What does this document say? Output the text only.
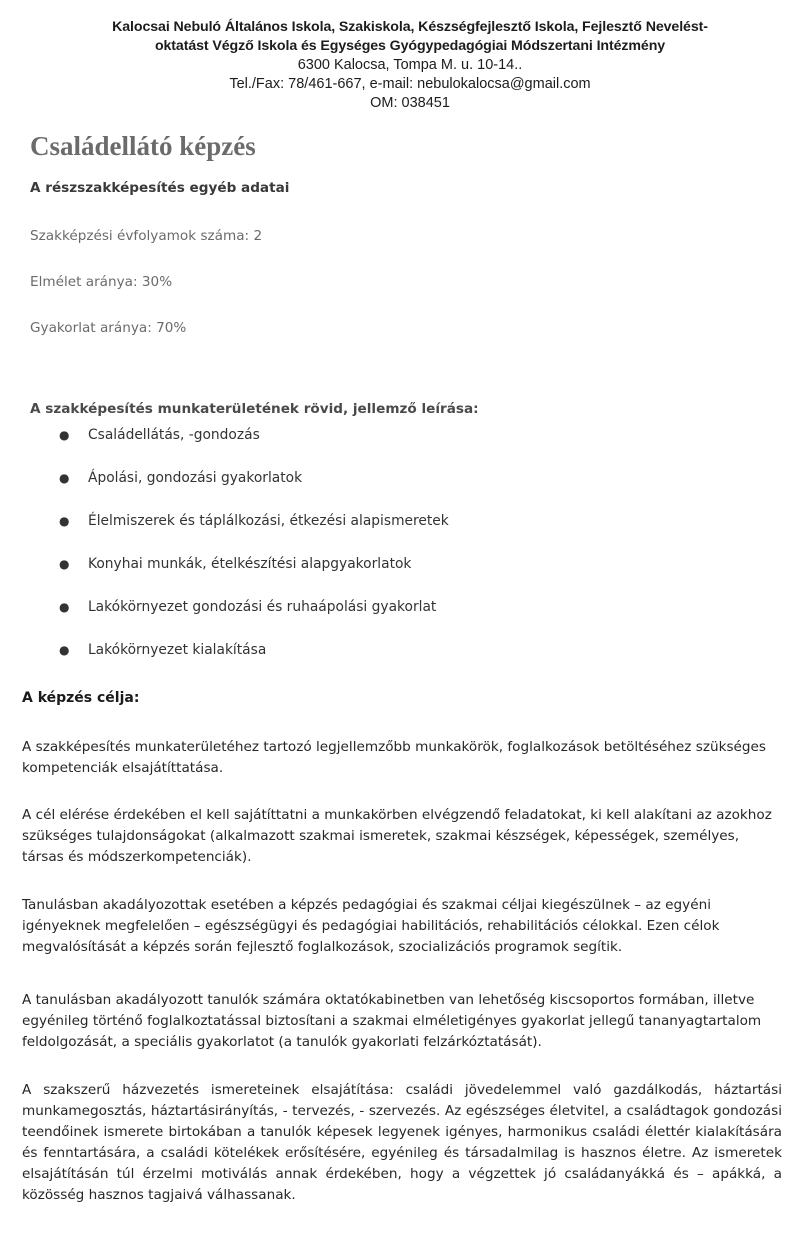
Kalocsai Nebuló Általános Iskola, Szakiskola, Készségfejlesztő Iskola, Fejlesztő Nevelést-
oktatást Végző Iskola és Egységes Gyógypedagógiai Módszertani Intézmény
6300 Kalocsa, Tompa M. u. 10-14..
Tel./Fax: 78/461-667, e-mail: nebulokalocsa@gmail.com
OM: 038451
Családellátó képzés
A részszakképesítés egyéb adatai
Szakképzési évfolyamok száma: 2
Elmélet aránya: 30%
Gyakorlat aránya: 70%
A szakképesítés munkaterületének rövid, jellemző leírása:
● Családellátás, -gondozás
● Ápolási, gondozási gyakorlatok
● Élelmiszerek és táplálkozási, étkezési alapismeretek
● Konyhai munkák, ételkészítési alapgyakorlatok
● Lakókörnyezet gondozási és ruhaápolási gyakorlat
● Lakókörnyezet kialakítása
A képzés célja:

A szakképesítés munkaterületéhez tartozó legjellemzőbb munkakörök, foglalkozások betöltéséhez szükséges kompetenciák elsajátíttatása.

A cél elérése érdekében el kell sajátíttatni a munkakörben elvégzendő feladatokat, ki kell alakítani az azokhoz szükséges tulajdonságokat (alkalmazott szakmai ismeretek, szakmai készségek, képességek, személyes, társas és módszerkompetenciák).

Tanulásban akadályozottak esetében a képzés pedagógiai és szakmai céljai kiegészülnek – az egyéni igényeknek megfelelően – egészségügyi és pedagógiai habilitációs, rehabilitációs célokkal. Ezen célok megvalósítását a képzés során fejlesztő foglalkozások, szocializációs programok segítik.

A tanulásban akadályozott tanulók számára oktatókabinetben van lehetőség kiscsoportos formában, illetve egyénileg történő foglalkoztatással biztosítani a szakmai elméletigényes gyakorlat jellegű tananyagtartalom feldolgozását, a speciális gyakorlatot (a tanulók gyakorlati felzárkóztatását).

A szakszerű házvezetés ismereteinek elsajátítása: családi jövedelemmel való gazdálkodás, háztartási munkamegosztás, háztartásirányítás, - tervezés, - szervezés. Az egészséges életvitel, a családtagok gondozási teendőinek ismerete birtokában a tanulók képesek legyenek igényes, harmonikus családi élettér kialakítására és fenntartására, a családi kötelékek erősítésére, egyénileg és társadalmilag is hasznos életre. Az ismeretek elsajátításán túl érzelmi motiválás annak érdekében, hogy a végzettek jó családanyákká és – apákká, a közösség hasznos tagjaivá válhassanak.
